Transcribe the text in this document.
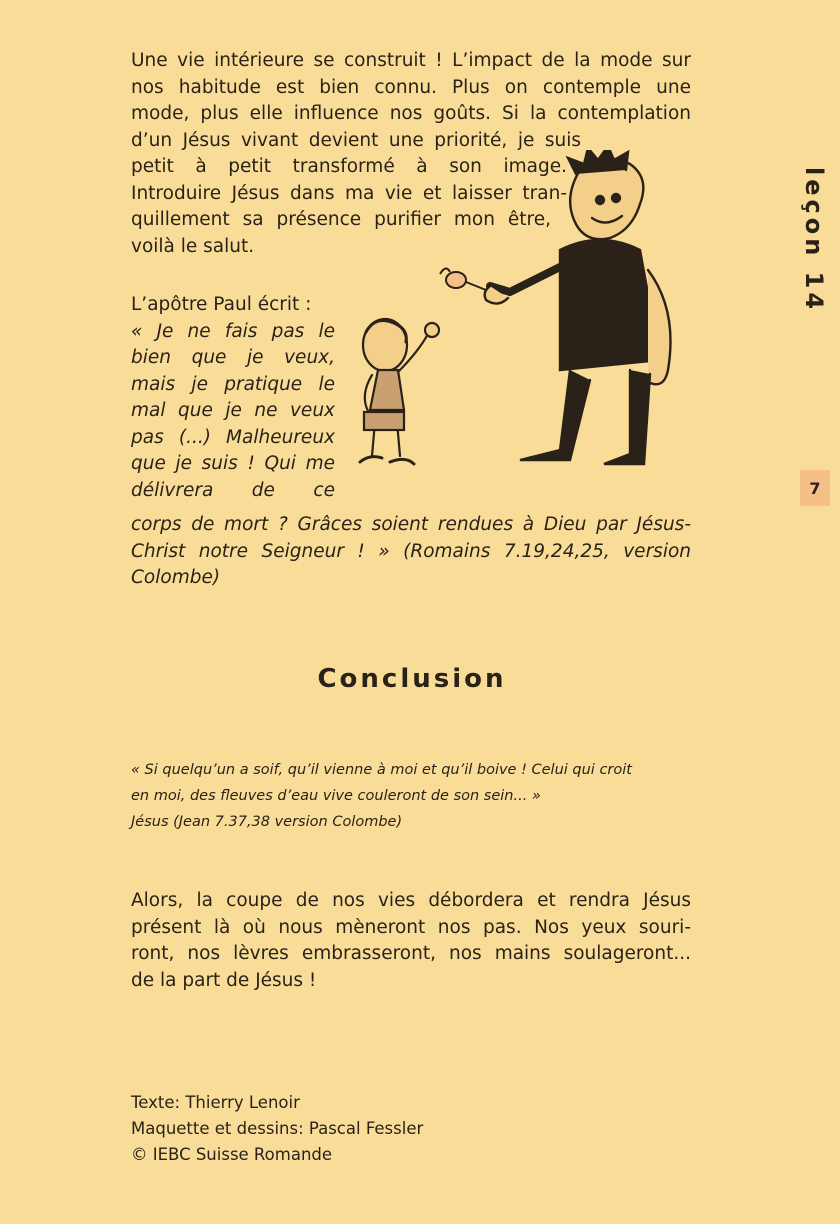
Une vie intérieure se construit ! L’impact de la mode sur
nos habitude est bien connu. Plus on contemple une
mode, plus elle influence nos goûts. Si la contemplation
d’un Jésus vivant devient une priorité, je suis
petit à petit transformé à son image.
Introduire Jésus dans ma vie et laisser tran-
quillement sa présence purifier mon être,
voilà le salut.
L’apôtre Paul écrit :
« Je ne fais pas le
bien que je veux,
mais je pratique le
mal que je ne veux
pas (...) Malheureux
que je suis ! Qui me
délivrera de ce
corps de mort ? Grâces soient rendues à Dieu par Jésus-
Christ notre Seigneur ! » (Romains 7.19,24,25, version
Colombe)
Conclusion
« Si quelqu’un a soif, qu’il vienne à moi et qu’il boive ! Celui qui croit
en moi, des fleuves d’eau vive couleront de son sein... »
Jésus (Jean 7.37,38 version Colombe)
Alors, la coupe de nos vies débordera et rendra Jésus
présent là où nous mèneront nos pas. Nos yeux souri-
ront, nos lèvres embrasseront, nos mains soulageront...
de la part de Jésus !
Texte: Thierry Lenoir
Maquette et dessins: Pascal Fessler
© IEBC Suisse Romande
leçon 14
7
